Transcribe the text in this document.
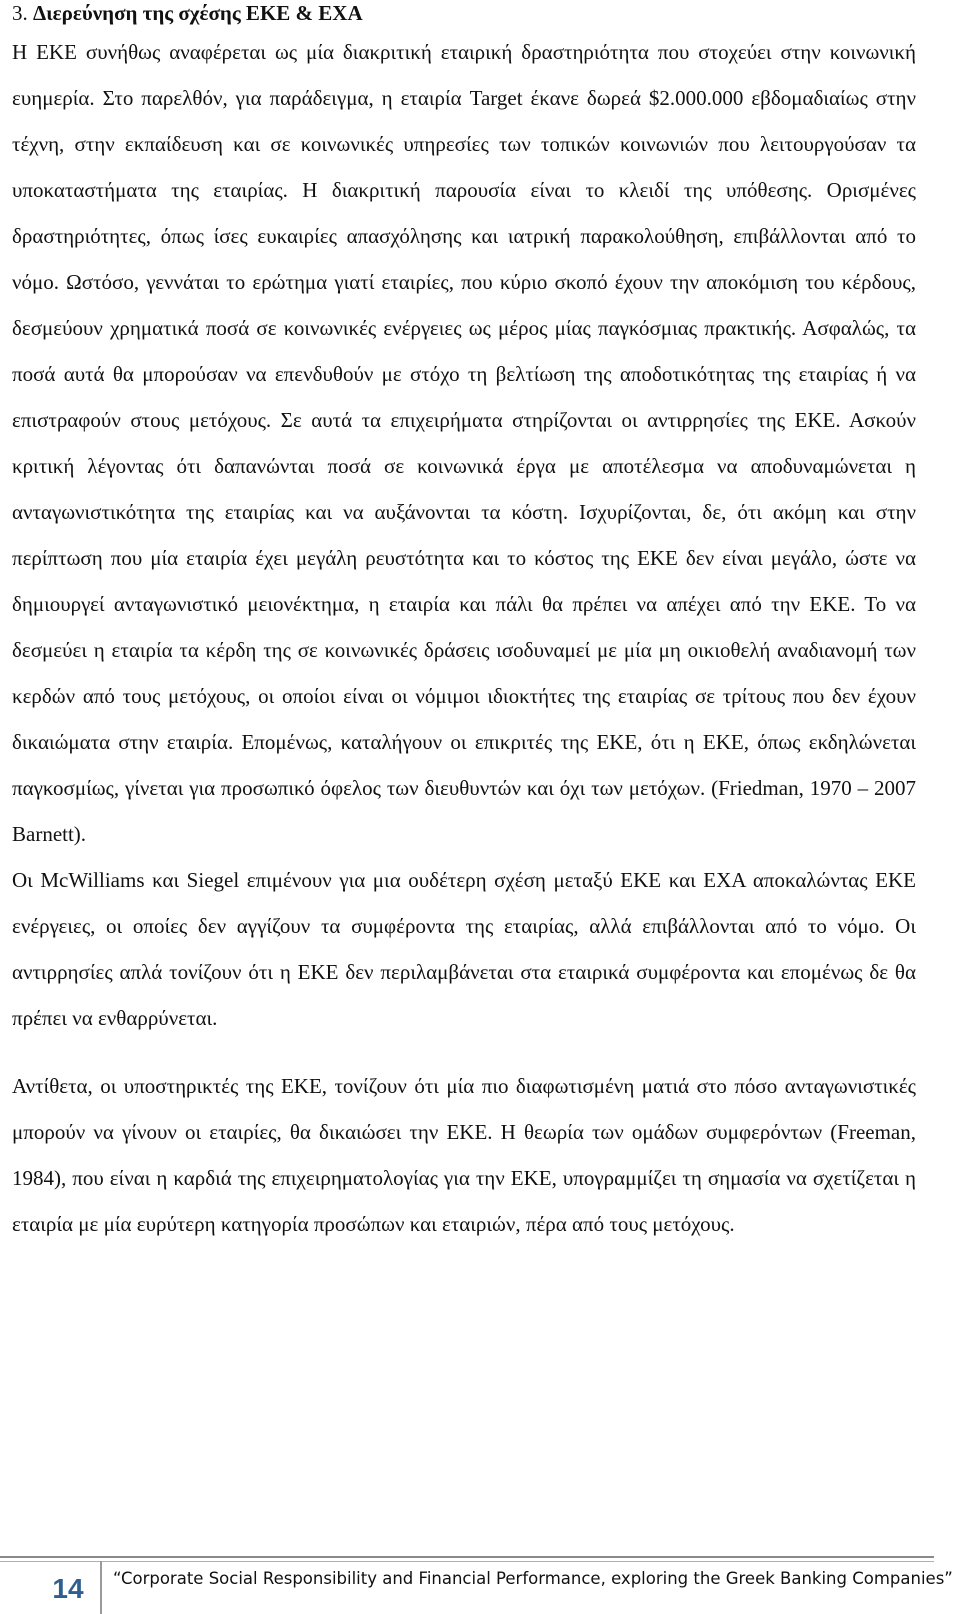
3. Διερεύνηση της σχέσης ΕΚΕ & ΕΧΑ

Η ΕΚΕ συνήθως αναφέρεται ως μία διακριτική εταιρική δραστηριότητα που στοχεύει στην κοινωνική ευημερία. Στο παρελθόν, για παράδειγμα, η εταιρία Target έκανε δωρεά $2.000.000 εβδομαδιαίως στην τέχνη, στην εκπαίδευση και σε κοινωνικές υπηρεσίες των τοπικών κοινωνιών που λειτουργούσαν τα υποκαταστήματα της εταιρίας. Η διακριτική παρουσία είναι το κλειδί της υπόθεσης. Ορισμένες δραστηριότητες, όπως ίσες ευκαιρίες απασχόλησης και ιατρική παρακολούθηση, επιβάλλονται από το νόμο. Ωστόσο, γεννάται το ερώτημα γιατί εταιρίες, που κύριο σκοπό έχουν την αποκόμιση του κέρδους, δεσμεύουν χρηματικά ποσά σε κοινωνικές ενέργειες ως μέρος μίας παγκόσμιας πρακτικής. Ασφαλώς, τα ποσά αυτά θα μπορούσαν να επενδυθούν με στόχο τη βελτίωση της αποδοτικότητας της εταιρίας ή να επιστραφούν στους μετόχους. Σε αυτά τα επιχειρήματα στηρίζονται οι αντιρρησίες της ΕΚΕ. Ασκούν κριτική λέγοντας ότι δαπανώνται ποσά σε κοινωνικά έργα με αποτέλεσμα να αποδυναμώνεται η ανταγωνιστικότητα της εταιρίας και να αυξάνονται τα κόστη. Ισχυρίζονται, δε, ότι ακόμη και στην περίπτωση που μία εταιρία έχει μεγάλη ρευστότητα και το κόστος της ΕΚΕ δεν είναι μεγάλο, ώστε να δημιουργεί ανταγωνιστικό μειονέκτημα, η εταιρία και πάλι θα πρέπει να απέχει από την ΕΚΕ. Το να δεσμεύει η εταιρία τα κέρδη της σε κοινωνικές δράσεις ισοδυναμεί με μία μη οικιοθελή αναδιανομή των κερδών από τους μετόχους, οι οποίοι είναι οι νόμιμοι ιδιοκτήτες της εταιρίας σε τρίτους που δεν έχουν δικαιώματα στην εταιρία. Επομένως, καταλήγουν οι επικριτές της ΕΚΕ, ότι η ΕΚΕ, όπως εκδηλώνεται παγκοσμίως, γίνεται για προσωπικό όφελος των διευθυντών και όχι των μετόχων. (Friedman, 1970 – 2007 Barnett).

Οι McWilliams και Siegel επιμένουν για μια ουδέτερη σχέση μεταξύ ΕΚΕ και ΕΧΑ αποκαλώντας ΕΚΕ ενέργειες, οι οποίες δεν αγγίζουν τα συμφέροντα της εταιρίας, αλλά επιβάλλονται από το νόμο. Οι αντιρρησίες απλά τονίζουν ότι η ΕΚΕ δεν περιλαμβάνεται στα εταιρικά συμφέροντα και επομένως δε θα πρέπει να ενθαρρύνεται.

Αντίθετα, οι υποστηρικτές της ΕΚΕ, τονίζουν ότι μία πιο διαφωτισμένη ματιά στο πόσο ανταγωνιστικές μπορούν να γίνουν οι εταιρίες, θα δικαιώσει την ΕΚΕ. Η θεωρία των ομάδων συμφερόντων (Freeman, 1984), που είναι η καρδιά της επιχειρηματολογίας για την ΕΚΕ, υπογραμμίζει τη σημασία να σχετίζεται η εταιρία με μία ευρύτερη κατηγορία προσώπων και εταιριών, πέρα από τους μετόχους.

14	“Corporate Social Responsibility and Financial Performance, exploring the Greek Banking Companies”
